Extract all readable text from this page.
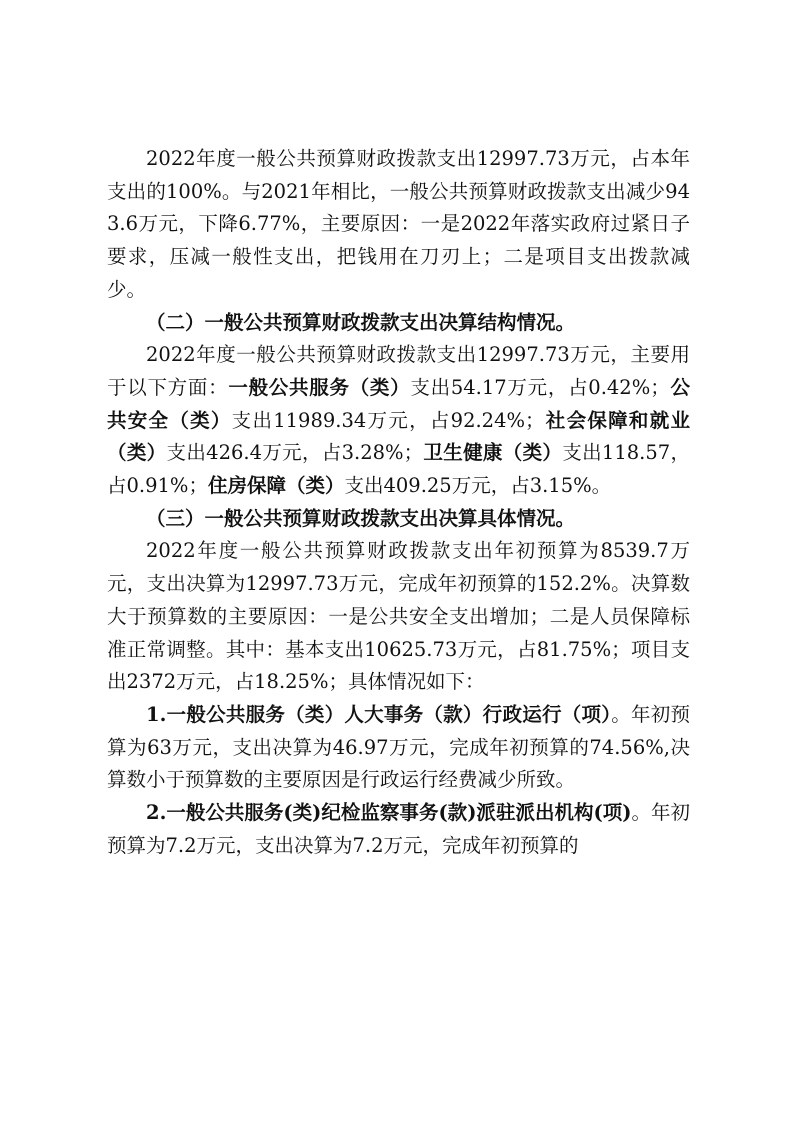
2022年度一般公共预算财政拨款支出12997.73万元，占本年支出的100%。与2021年相比，一般公共预算财政拨款支出减少943.6万元，下降6.77%，主要原因：一是2022年落实政府过紧日子要求，压减一般性支出，把钱用在刀刃上；二是项目支出拨款减少。

（二）一般公共预算财政拨款支出决算结构情况。

2022年度一般公共预算财政拨款支出12997.73万元，主要用于以下方面：一般公共服务（类）支出54.17万元，占0.42%；公共安全（类）支出11989.34万元，占92.24%；社会保障和就业（类）支出426.4万元，占3.28%；卫生健康（类）支出118.57，占0.91%；住房保障（类）支出409.25万元，占3.15%。

（三）一般公共预算财政拨款支出决算具体情况。

2022年度一般公共预算财政拨款支出年初预算为8539.7万元，支出决算为12997.73万元，完成年初预算的152.2%。决算数大于预算数的主要原因：一是公共安全支出增加；二是人员保障标准正常调整。其中：基本支出10625.73万元，占81.75%；项目支出2372万元，占18.25%；具体情况如下：

1.一般公共服务（类）人大事务（款）行政运行（项）。年初预算为63万元，支出决算为46.97万元，完成年初预算的74.56%,决算数小于预算数的主要原因是行政运行经费减少所致。

2.一般公共服务(类)纪检监察事务(款)派驻派出机构(项)。年初预算为7.2万元，支出决算为7.2万元，完成年初预算的
